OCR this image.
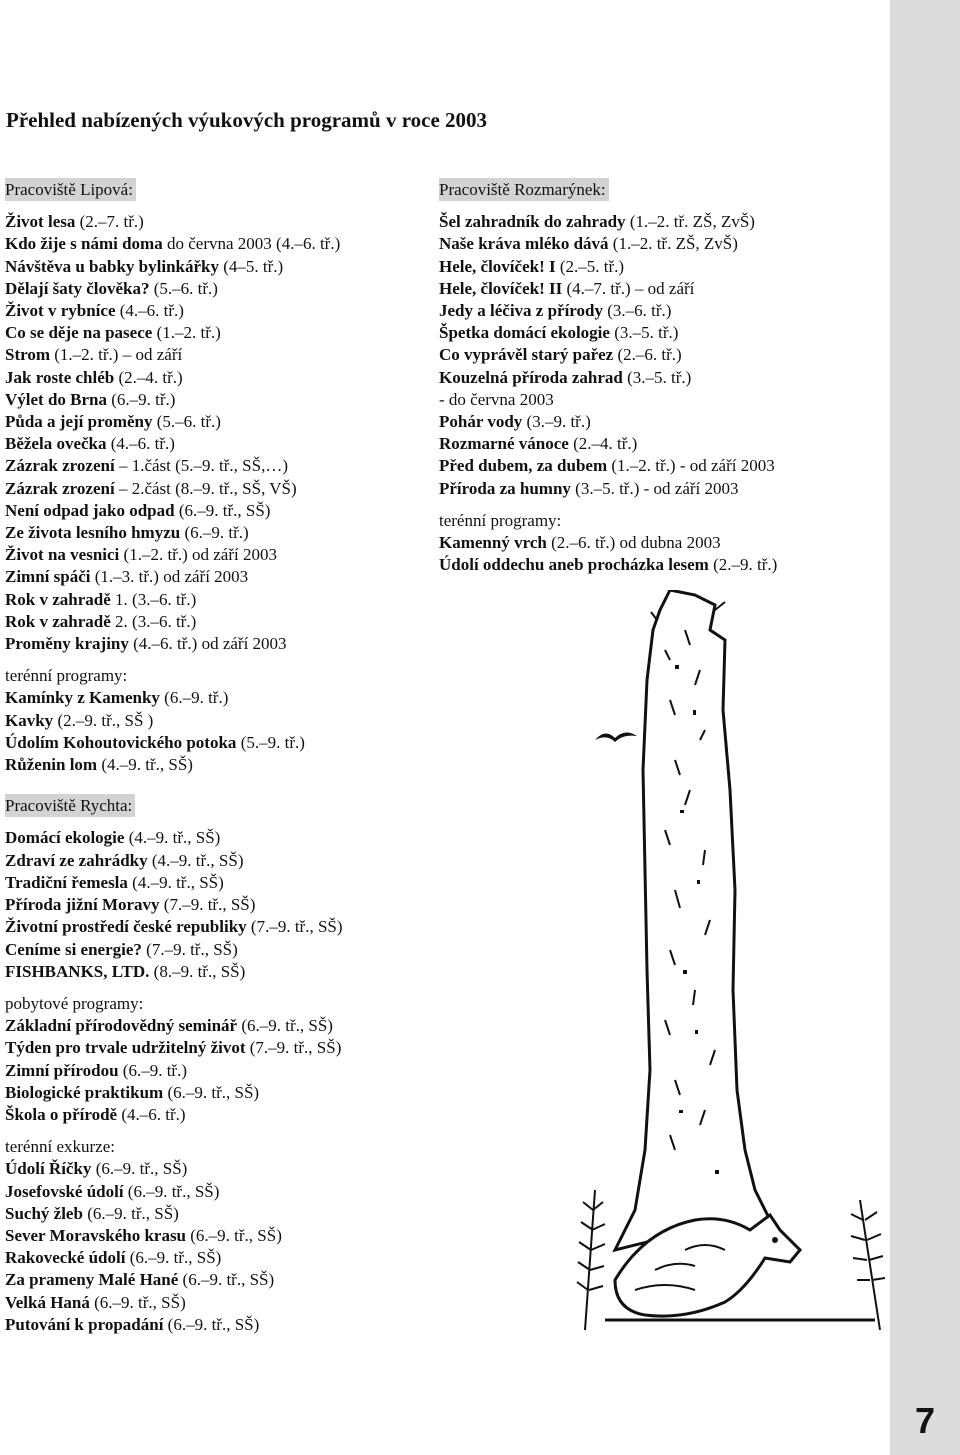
7
Přehled nabízených výukových programů v roce 2003
Pracoviště Lipová:
Život lesa (2.–7. tř.)
Kdo žije s námi doma do června 2003 (4.–6. tř.)
Návštěva u babky bylinkářky (4–5. tř.)
Dělají šaty člověka? (5.–6. tř.)
Život v rybníce (4.–6. tř.)
Co se děje na pasece (1.–2. tř.)
Strom (1.–2. tř.) – od září
Jak roste chléb (2.–4. tř.)
Výlet do Brna (6.–9. tř.)
Půda a její proměny (5.–6. tř.)
Běžela ovečka (4.–6. tř.)
Zázrak zrození – 1.část (5.–9. tř., SŠ,…)
Zázrak zrození – 2.část (8.–9. tř., SŠ, VŠ)
Není odpad jako odpad (6.–9. tř., SŠ)
Ze života lesního hmyzu (6.–9. tř.)
Život na vesnici (1.–2. tř.) od září 2003
Zimní spáči (1.–3. tř.) od září 2003
Rok v zahradě 1. (3.–6. tř.)
Rok v zahradě 2. (3.–6. tř.)
Proměny krajiny (4.–6. tř.) od září 2003
terénní programy:
Kamínky z Kamenky (6.–9. tř.)
Kavky (2.–9. tř., SŠ )
Údolím Kohoutovického potoka (5.–9. tř.)
Růženin lom (4.–9. tř., SŠ)
Pracoviště Rychta:
Domácí ekologie (4.–9. tř., SŠ)
Zdraví ze zahrádky (4.–9. tř., SŠ)
Tradiční řemesla (4.–9. tř., SŠ)
Příroda jižní Moravy (7.–9. tř., SŠ)
Životní prostředí české republiky (7.–9. tř., SŠ)
Ceníme si energie? (7.–9. tř., SŠ)
FISHBANKS, LTD. (8.–9. tř., SŠ)
pobytové programy:
Základní přírodovědný seminář (6.–9. tř., SŠ)
Týden pro trvale udržitelný život (7.–9. tř., SŠ)
Zimní přírodou (6.–9. tř.)
Biologické praktikum (6.–9. tř., SŠ)
Škola o přírodě (4.–6. tř.)
terénní exkurze:
Údolí Říčky (6.–9. tř., SŠ)
Josefovské údolí (6.–9. tř., SŠ)
Suchý žleb (6.–9. tř., SŠ)
Sever Moravského krasu (6.–9. tř., SŠ)
Rakovecké údolí (6.–9. tř., SŠ)
Za prameny Malé Hané (6.–9. tř., SŠ)
Velká Haná (6.–9. tř., SŠ)
Putování k propadání (6.–9. tř., SŠ)
Pracoviště Rozmarýnek:
Šel zahradník do zahrady (1.–2. tř. ZŠ, ZvŠ)
Naše kráva mléko dává (1.–2. tř. ZŠ, ZvŠ)
Hele, človíček! I (2.–5. tř.)
Hele, človíček! II (4.–7. tř.) – od září
Jedy a léčiva z přírody (3.–6. tř.)
Špetka domácí ekologie (3.–5. tř.)
Co vyprávěl starý pařez (2.–6. tř.)
Kouzelná příroda zahrad (3.–5. tř.)
- do června 2003
Pohár vody (3.–9. tř.)
Rozmarné vánoce (2.–4. tř.)
Před dubem, za dubem (1.–2. tř.) - od září 2003
Příroda za humny (3.–5. tř.) - od září 2003
terénní programy:
Kamenný vrch (2.–6. tř.) od dubna 2003
Údolí oddechu aneb procházka lesem (2.–9. tř.)
